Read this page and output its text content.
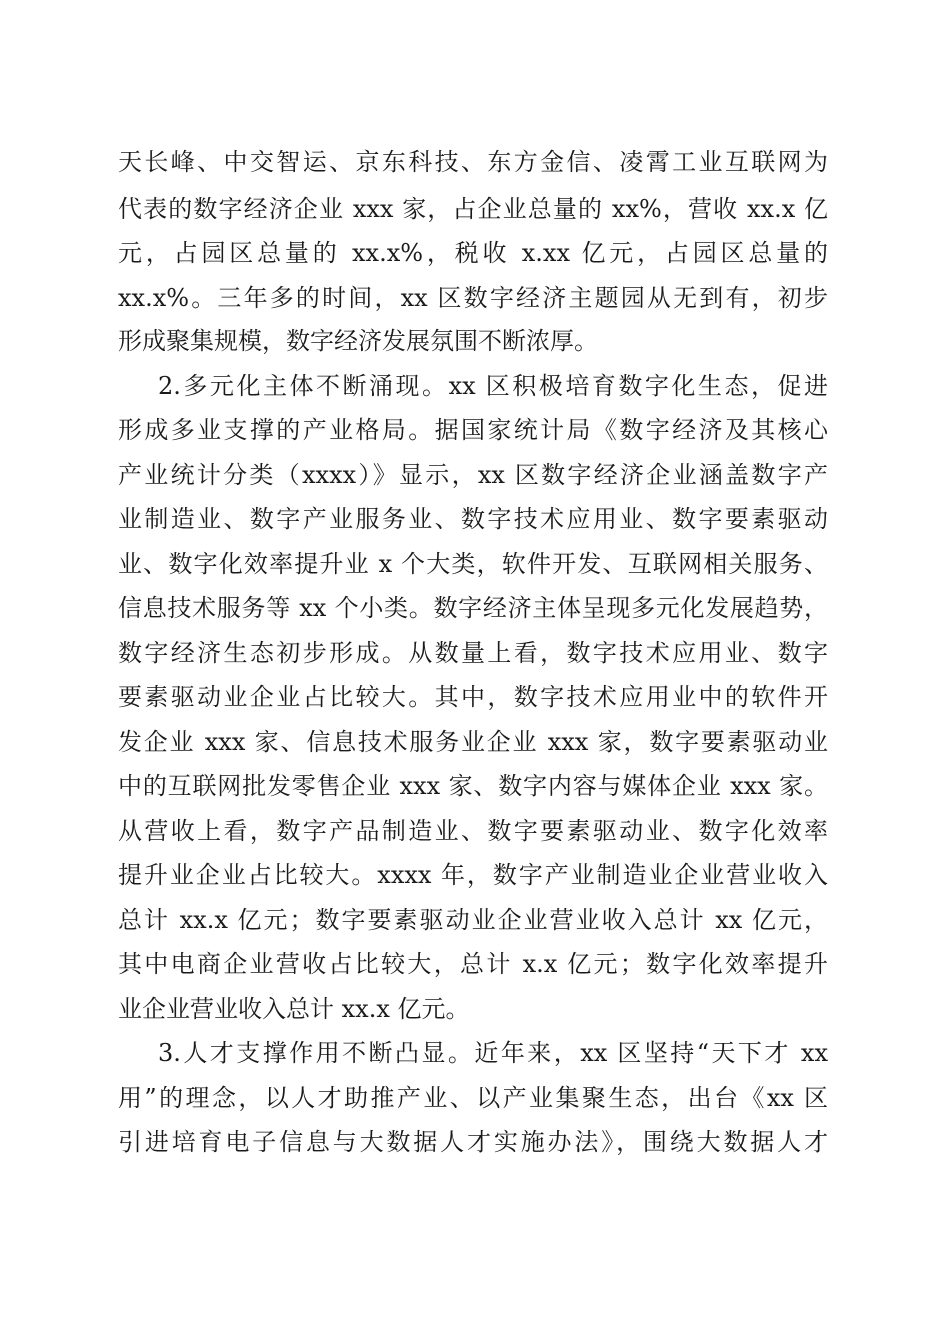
天长峰、中交智运、京东科技、东方金信、凌霄工业互联网为
代表的数字经济企业 xxx 家，占企业总量的 xx%，营收 xx.x 亿
元，占园区总量的 xx.x%，税收 x.xx 亿元，占园区总量的
xx.x%。三年多的时间，xx 区数字经济主题园从无到有，初步
形成聚集规模，数字经济发展氛围不断浓厚。
2.多元化主体不断涌现。xx 区积极培育数字化生态，促进
形成多业支撑的产业格局。据国家统计局《数字经济及其核心
产业统计分类（xxxx）》显示，xx 区数字经济企业涵盖数字产
业制造业、数字产业服务业、数字技术应用业、数字要素驱动
业、数字化效率提升业 x 个大类，软件开发、互联网相关服务、
信息技术服务等 xx 个小类。数字经济主体呈现多元化发展趋势，
数字经济生态初步形成。从数量上看，数字技术应用业、数字
要素驱动业企业占比较大。其中，数字技术应用业中的软件开
发企业 xxx 家、信息技术服务业企业 xxx 家，数字要素驱动业
中的互联网批发零售企业 xxx 家、数字内容与媒体企业 xxx 家。
从营收上看，数字产品制造业、数字要素驱动业、数字化效率
提升业企业占比较大。xxxx 年，数字产业制造业企业营业收入
总计 xx.x 亿元；数字要素驱动业企业营业收入总计 xx 亿元，
其中电商企业营收占比较大，总计 x.x 亿元；数字化效率提升
业企业营业收入总计 xx.x 亿元。
3.人才支撑作用不断凸显。近年来，xx 区坚持“天下才 xx
用”的理念，以人才助推产业、以产业集聚生态，出台《xx 区
引进培育电子信息与大数据人才实施办法》，围绕大数据人才
